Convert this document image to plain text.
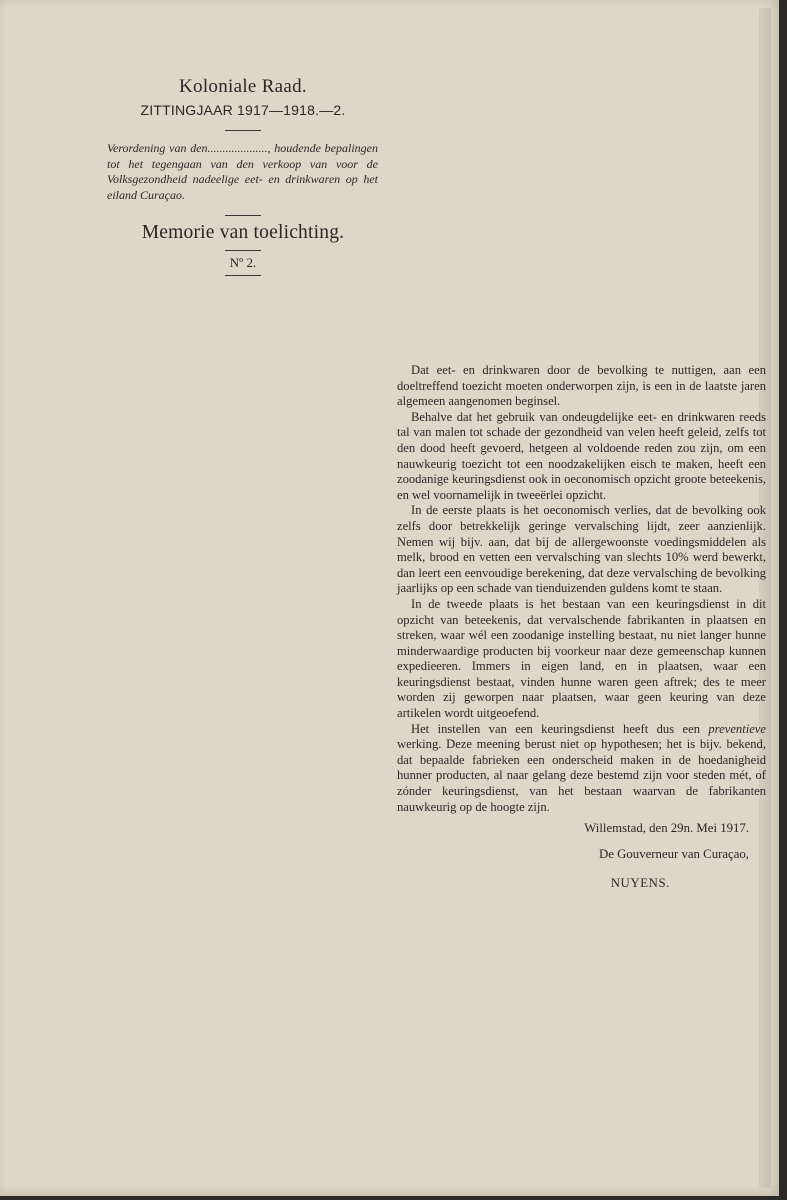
Koloniale Raad.
ZITTINGJAAR 1917—1918.—2.
Verordening van den...................., houdende bepalingen tot het tegengaan van den verkoop van voor de Volksgezondheid nadeelige eet- en drinkwaren op het eiland Curaçao.
Memorie van toelichting.
Nº 2.

Dat eet- en drinkwaren door de bevolking te nuttigen, aan een doeltreffend toezicht moeten onderworpen zijn, is een in de laatste jaren algemeen aangenomen beginsel.

Behalve dat het gebruik van ondeugdelijke eet- en drinkwaren reeds tal van malen tot schade der gezondheid van velen heeft geleid, zelfs tot den dood heeft gevoerd, hetgeen al voldoende reden zou zijn, om een nauwkeurig toezicht tot een noodzakelijken eisch te maken, heeft een zoodanige keuringsdienst ook in oeconomisch opzicht groote beteekenis, en wel voornamelijk in tweeërlei opzicht.

In de eerste plaats is het oeconomisch verlies, dat de bevolking ook zelfs door betrekkelijk geringe vervalsching lijdt, zeer aanzienlijk. Nemen wij bijv. aan, dat bij de allergewoonste voedingsmiddelen als melk, brood en vetten een vervalsching van slechts 10% werd bewerkt, dan leert een eenvoudige berekening, dat deze vervalsching de bevolking jaarlijks op een schade van tienduizenden guldens komt te staan.

In de tweede plaats is het bestaan van een keuringsdienst in dit opzicht van beteekenis, dat vervalschende fabrikanten in plaatsen en streken, waar wél een zoodanige instelling bestaat, nu niet langer hunne minderwaardige producten bij voorkeur naar deze gemeenschap kunnen expedieeren. Immers in eigen land, en in plaatsen, waar een keuringsdienst bestaat, vinden hunne waren geen aftrek; des te meer worden zij geworpen naar plaatsen, waar geen keuring van deze artikelen wordt uitgeoefend.

Het instellen van een keuringsdienst heeft dus een preventieve werking. Deze meening berust niet op hypothesen; het is bijv. bekend, dat bepaalde fabrieken een onderscheid maken in de hoedanigheid hunner producten, al naar gelang deze bestemd zijn voor steden mét, of zónder keuringsdienst, van het bestaan waarvan de fabrikanten nauwkeurig op de hoogte zijn.

Willemstad, den 29n. Mei 1917.
De Gouverneur van Curaçao,
NUYENS.
